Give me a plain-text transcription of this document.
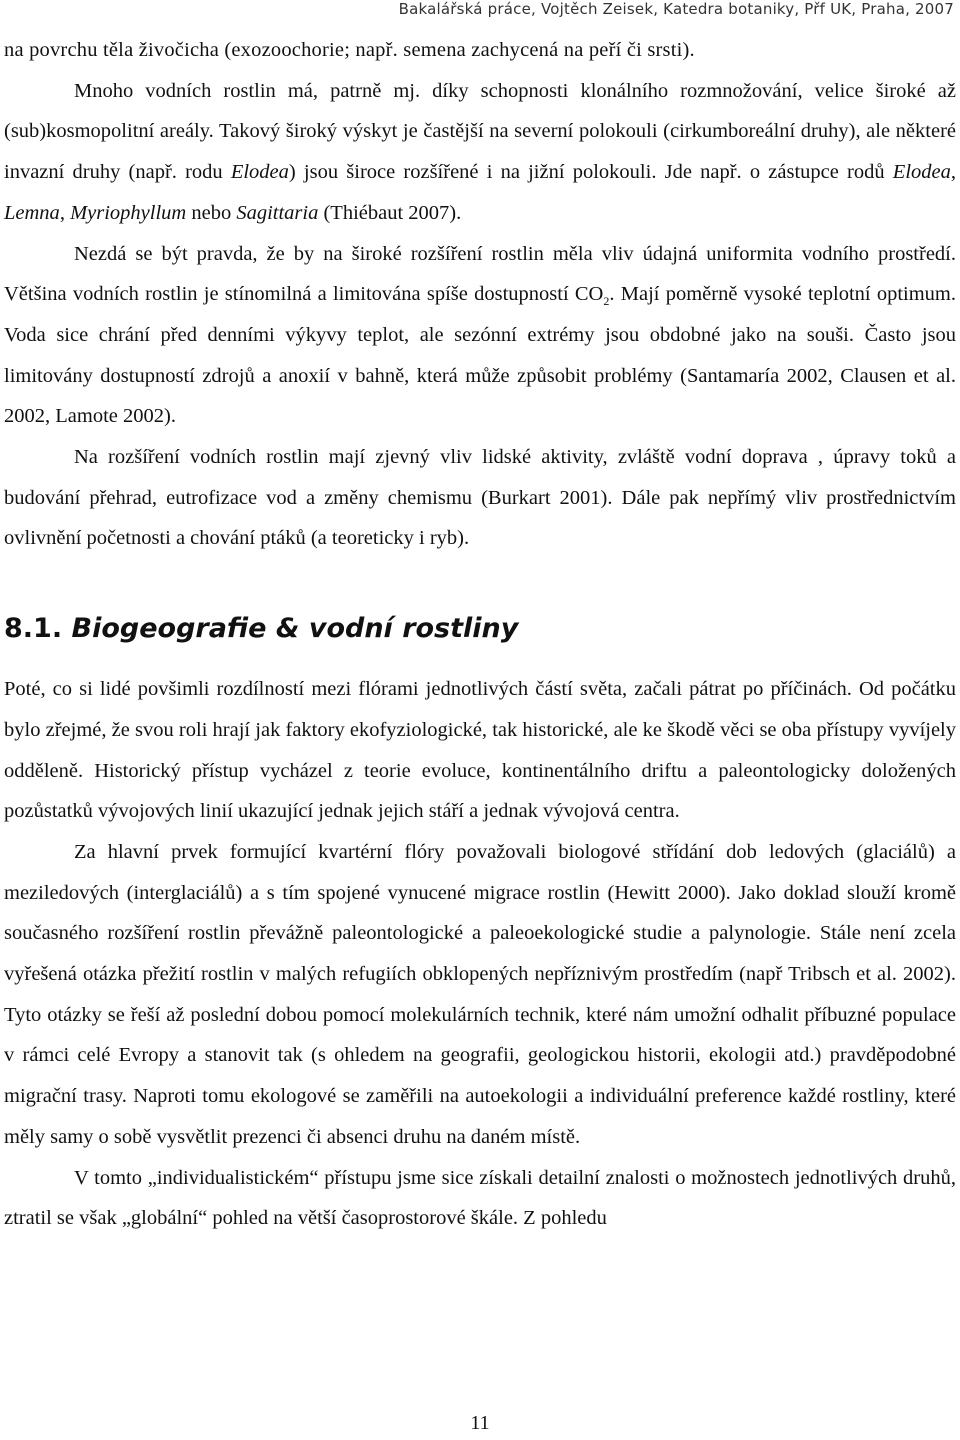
Bakalářská práce, Vojtěch Zeisek, Katedra botaniky, Přf UK, Praha, 2007

na povrchu těla živočicha (exozoochorie; např. semena zachycená na peří či srsti).

Mnoho vodních rostlin má, patrně mj. díky schopnosti klonálního rozmnožování, velice široké až (sub)kosmopolitní areály. Takový široký výskyt je častější na severní polokouli (cirkumboreální druhy), ale některé invazní druhy (např. rodu Elodea) jsou široce rozšířené i na jižní polokouli. Jde např. o zástupce rodů Elodea, Lemna, Myriophyllum nebo Sagittaria (Thiébaut 2007).

Nezdá se být pravda, že by na široké rozšíření rostlin měla vliv údajná uniformita vodního prostředí. Většina vodních rostlin je stínomilná a limitována spíše dostupností $CO_2$. Mají poměrně vysoké teplotní optimum. Voda sice chrání před denními výkyvy teplot, ale sezónní extrémy jsou obdobné jako na souši. Často jsou limitovány dostupností zdrojů a anoxií v bahně, která může způsobit problémy (Santamaría 2002, Clausen et al. 2002, Lamote 2002).

Na rozšíření vodních rostlin mají zjevný vliv lidské aktivity, zvláště vodní doprava , úpravy toků a budování přehrad, eutrofizace vod a změny chemismu (Burkart 2001). Dále pak nepřímý vliv prostřednictvím ovlivnění početnosti a chování ptáků (a teoreticky i ryb).

8.1. Biogeografie & vodní rostliny

Poté, co si lidé povšimli rozdílností mezi flórami jednotlivých částí světa, začali pátrat po příčinách. Od počátku bylo zřejmé, že svou roli hrají jak faktory ekofyziologické, tak historické, ale ke škodě věci se oba přístupy vyvíjely odděleně. Historický přístup vycházel z teorie evoluce, kontinentálního driftu a paleontologicky doložených pozůstatků vývojových linií ukazující jednak jejich stáří a jednak vývojová centra.

Za hlavní prvek formující kvartérní flóry považovali biologové střídání dob ledových (glaciálů) a meziledových (interglaciálů) a s tím spojené vynucené migrace rostlin (Hewitt 2000). Jako doklad slouží kromě současného rozšíření rostlin převážně paleontologické a paleoekologické studie a palynologie. Stále není zcela vyřešená otázka přežití rostlin v malých refugiích obklopených nepříznivým prostředím (např Tribsch et al. 2002). Tyto otázky se řeší až poslední dobou pomocí molekulárních technik, které nám umožní odhalit příbuzné populace v rámci celé Evropy a stanovit tak (s ohledem na geografii, geologickou historii, ekologii atd.) pravděpodobné migrační trasy. Naproti tomu ekologové se zaměřili na autoekologii a individuální preference každé rostliny, které měly samy o sobě vysvětlit prezenci či absenci druhu na daném místě.

V tomto „individualistickém“ přístupu jsme sice získali detailní znalosti o možnostech jednotlivých druhů, ztratil se však „globální“ pohled na větší časoprostorové škále. Z pohledu

11
